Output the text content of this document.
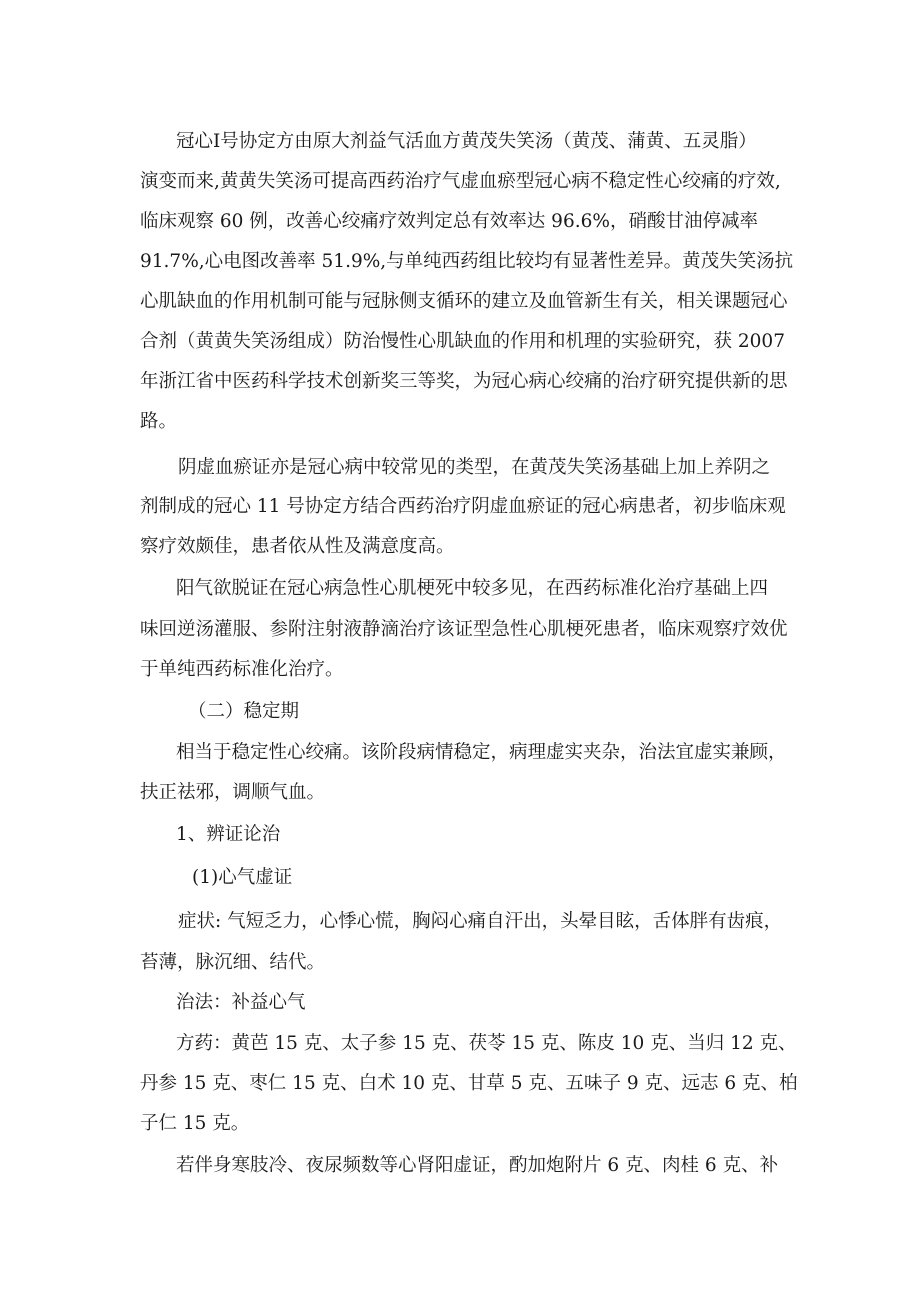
冠心Ⅰ号协定方由原大剂益气活血方黄茂失笑汤（黄茂、蒲黄、五灵脂）

演变而来,黄黄失笑汤可提高西药治疗气虚血瘀型冠心病不稳定性心绞痛的疗效,

临床观察 60 例，改善心绞痛疗效判定总有效率达 96.6%，硝酸甘油停减率

91.7%,心电图改善率 51.9%,与单纯西药组比较均有显著性差异。黄茂失笑汤抗

心肌缺血的作用机制可能与冠脉侧支循环的建立及血管新生有关，相关课题冠心

合剂（黄黄失笑汤组成）防治慢性心肌缺血的作用和机理的实验研究，获 2007

年浙江省中医药科学技术创新奖三等奖，为冠心病心绞痛的治疗研究提供新的思

路。

阴虚血瘀证亦是冠心病中较常见的类型，在黄茂失笑汤基础上加上养阴之

剂制成的冠心 11 号协定方结合西药治疗阴虚血瘀证的冠心病患者，初步临床观

察疗效颇佳，患者依从性及满意度高。

阳气欲脱证在冠心病急性心肌梗死中较多见，在西药标准化治疗基础上四

味回逆汤灌服、参附注射液静滴治疗该证型急性心肌梗死患者，临床观察疗效优

于单纯西药标准化治疗。

（二）稳定期

相当于稳定性心绞痛。该阶段病情稳定，病理虚实夹杂，治法宜虚实兼顾，

扶正祛邪，调顺气血。

1、辨证论治

(1)心气虚证

症状: 气短乏力，心悸心慌，胸闷心痛自汗出，头晕目眩，舌体胖有齿痕，

苔薄，脉沉细、结代。

治法：补益心气

方药：黄芭 15 克、太子参 15 克、茯苓 15 克、陈皮 10 克、当归 12 克、

丹参 15 克、枣仁 15 克、白术 10 克、甘草 5 克、五味子 9 克、远志 6 克、柏

子仁 15 克。

若伴身寒肢冷、夜尿频数等心肾阳虚证，酌加炮附片 6 克、肉桂 6 克、补
